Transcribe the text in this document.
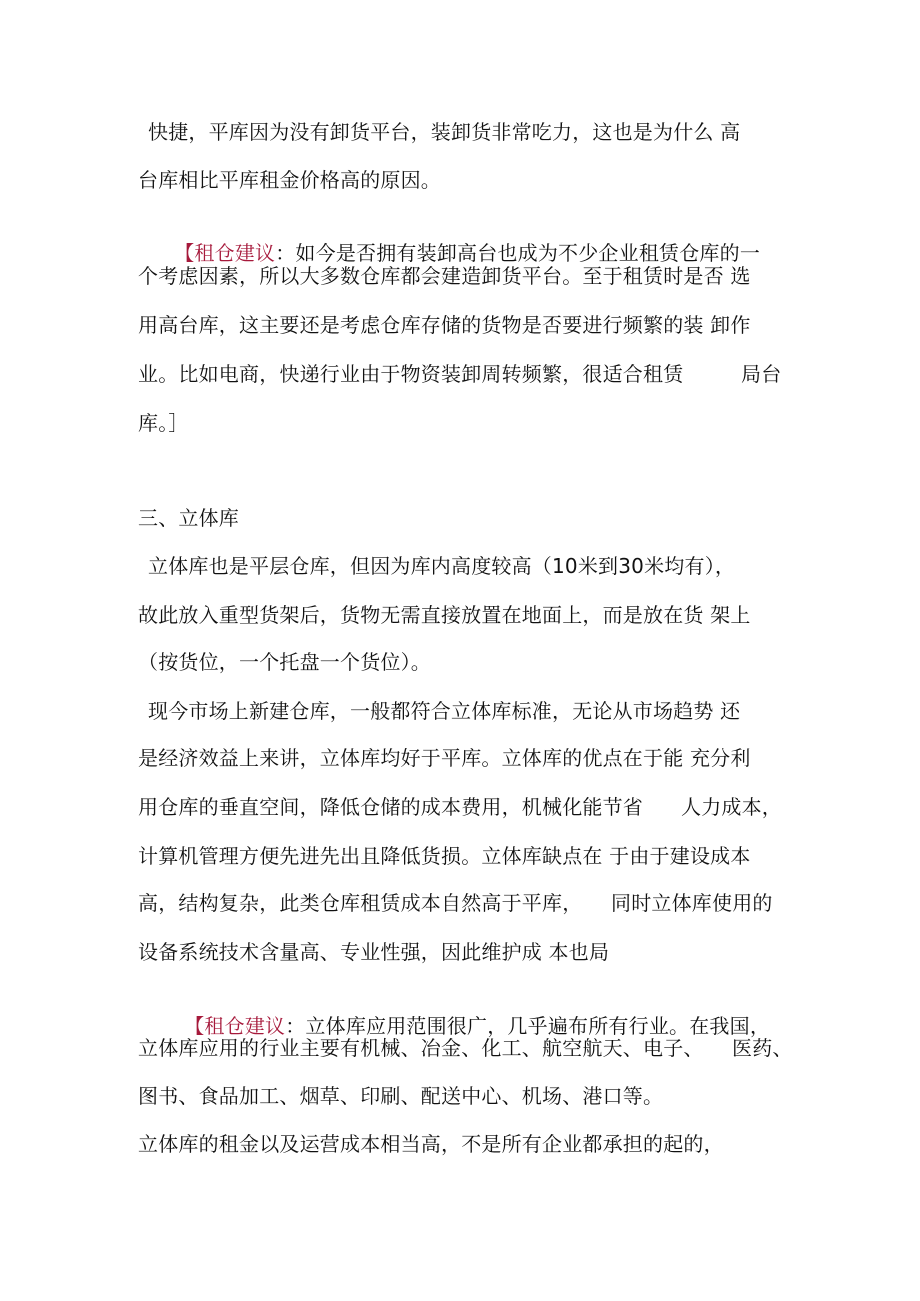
快捷，平库因为没有卸货平台，装卸货非常吃力，这也是为什么 高
台库相比平库租金价格高的原因。

【租仓建议：如今是否拥有装卸高台也成为不少企业租赁仓库的一

个考虑因素，所以大多数仓库都会建造卸货平台。至于租赁时是否 选
用高台库，这主要还是考虑仓库存储的货物是否要进行频繁的装 卸作
业。比如电商，快递行业由于物资装卸周转频繁，很适合租赁	局台
库。］
三、立体库
立体库也是平层仓库，但因为库内高度较高（10米到30米均有），
故此放入重型货架后，货物无需直接放置在地面上，而是放在货 架上
（按货位，一个托盘一个货位）。
现今市场上新建仓库，一般都符合立体库标准，无论从市场趋势 还
是经济效益上来讲，立体库均好于平库。立体库的优点在于能 充分利
用仓库的垂直空间，降低仓储的成本费用，机械化能节省 人力成本，
计算机管理方便先进先出且降低货损。立体库缺点在 于由于建设成本
高，结构复杂，此类仓库租赁成本自然高于平库， 同时立体库使用的
设备系统技术含量高、专业性强，因此维护成 本也局

【租仓建议：立体库应用范围很广，几乎遍布所有行业。在我国，

立体库应用的行业主要有机械、冶金、化工、航空航天、电子、 医药、
图书、食品加工、烟草、印刷、配送中心、机场、港口等。
立体库的租金以及运营成本相当高，不是所有企业都承担的起的，
